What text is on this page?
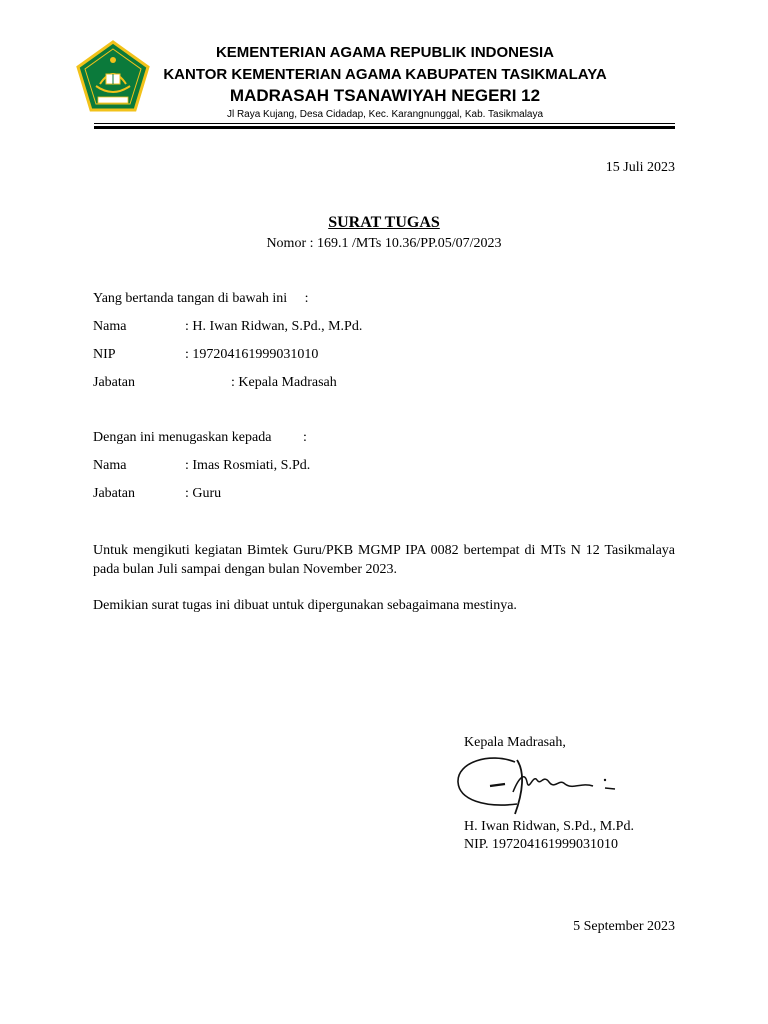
KEMENTERIAN AGAMA REPUBLIK INDONESIA
KANTOR KEMENTERIAN AGAMA KABUPATEN TASIKMALAYA
MADRASAH TSANAWIYAH NEGERI 12
Jl Raya Kujang, Desa Cidadap, Kec. Karangnunggal, Kab. Tasikmalaya
15 Juli 2023
SURAT TUGAS
Nomor : 169.1 /MTs 10.36/PP.05/07/2023
Yang bertanda tangan di bawah ini     :
Nama	: H. Iwan Ridwan, S.Pd., M.Pd.
NIP	: 197204161999031010
Jabatan	: Kepala Madrasah
Dengan ini menugaskan kepada         :
Nama	: Imas Rosmiati, S.Pd.
Jabatan	: Guru
Untuk mengikuti kegiatan Bimtek Guru/PKB MGMP IPA 0082 bertempat di MTs N 12 Tasikmalaya pada bulan Juli sampai dengan bulan November 2023.
Demikian surat tugas ini dibuat untuk dipergunakan sebagaimana mestinya.
Kepala Madrasah,
H. Iwan Ridwan, S.Pd., M.Pd.
NIP. 197204161999031010
5 September 2023
